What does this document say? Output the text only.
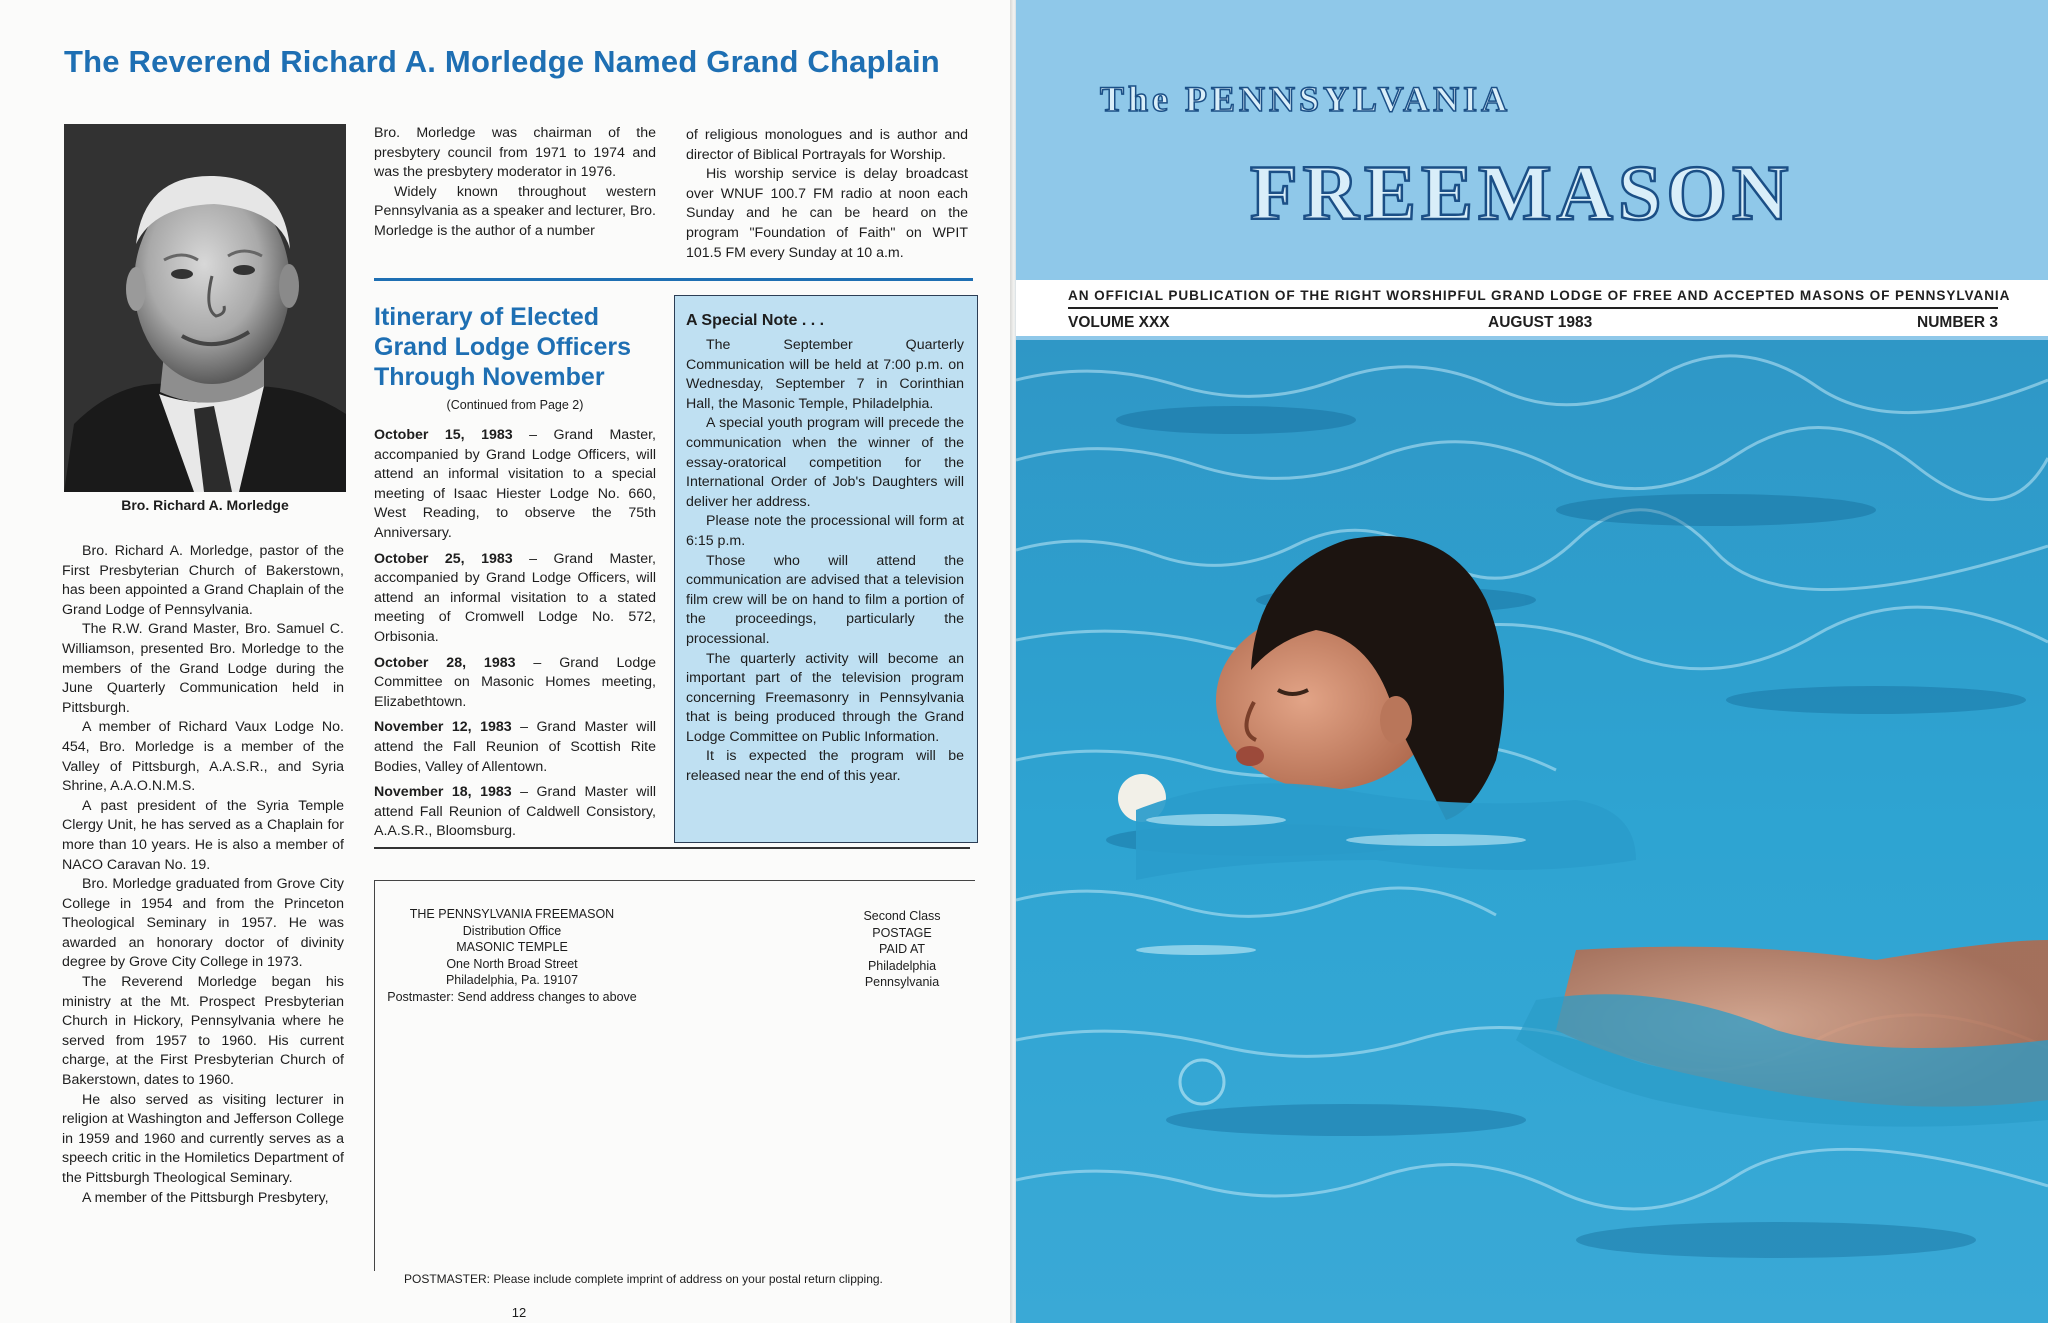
The Reverend Richard A. Morledge Named Grand Chaplain
Bro. Richard A. Morledge

Bro. Richard A. Morledge, pastor of the First Presbyterian Church of Bakerstown, has been appointed a Grand Chaplain of the Grand Lodge of Pennsylvania.

The R.W. Grand Master, Bro. Samuel C. Williamson, presented Bro. Morledge to the members of the Grand Lodge during the June Quarterly Communication held in Pittsburgh.

A member of Richard Vaux Lodge No. 454, Bro. Morledge is a member of the Valley of Pittsburgh, A.A.S.R., and Syria Shrine, A.A.O.N.M.S.

A past president of the Syria Temple Clergy Unit, he has served as a Chaplain for more than 10 years. He is also a member of NACO Caravan No. 19.

Bro. Morledge graduated from Grove City College in 1954 and from the Princeton Theological Seminary in 1957. He was awarded an honorary doctor of divinity degree by Grove City College in 1973.

The Reverend Morledge began his ministry at the Mt. Prospect Presbyterian Church in Hickory, Pennsylvania where he served from 1957 to 1960. His current charge, at the First Presbyterian Church of Bakerstown, dates to 1960.

He also served as visiting lecturer in religion at Washington and Jefferson College in 1959 and 1960 and currently serves as a speech critic in the Homiletics Department of the Pittsburgh Theological Seminary.

A member of the Pittsburgh Presbytery,

Bro. Morledge was chairman of the presbytery council from 1971 to 1974 and was the presbytery moderator in 1976.

Widely known throughout western Pennsylvania as a speaker and lecturer, Bro. Morledge is the author of a number

of religious monologues and is author and director of Biblical Portrayals for Worship.

His worship service is delay broadcast over WNUF 100.7 FM radio at noon each Sunday and he can be heard on the program "Foundation of Faith" on WPIT 101.5 FM every Sunday at 10 a.m.

Itinerary of Elected Grand Lodge Officers Through November
(Continued from Page 2)

October 15, 1983 – Grand Master, accompanied by Grand Lodge Officers, will attend an informal visitation to a special meeting of Isaac Hiester Lodge No. 660, West Reading, to observe the 75th Anniversary.

October 25, 1983 – Grand Master, accompanied by Grand Lodge Officers, will attend an informal visitation to a stated meeting of Cromwell Lodge No. 572, Orbisonia.

October 28, 1983 – Grand Lodge Committee on Masonic Homes meeting, Elizabethtown.

November 12, 1983 – Grand Master will attend the Fall Reunion of Scottish Rite Bodies, Valley of Allentown.

November 18, 1983 – Grand Master will attend Fall Reunion of Caldwell Consistory, A.A.S.R., Bloomsburg.

A Special Note . . .

The September Quarterly Communication will be held at 7:00 p.m. on Wednesday, September 7 in Corinthian Hall, the Masonic Temple, Philadelphia.

A special youth program will precede the communication when the winner of the essay-oratorical competition for the International Order of Job's Daughters will deliver her address.

Please note the processional will form at 6:15 p.m.

Those who will attend the communication are advised that a television film crew will be on hand to film a portion of the proceedings, particularly the processional.

The quarterly activity will become an important part of the television program concerning Freemasonry in Pennsylvania that is being produced through the Grand Lodge Committee on Public Information.

It is expected the program will be released near the end of this year.

THE PENNSYLVANIA FREEMASON
Distribution Office
MASONIC TEMPLE
One North Broad Street
Philadelphia, Pa. 19107
Postmaster: Send address changes to above
Second Class
POSTAGE
PAID AT
Philadelphia
Pennsylvania
POSTMASTER: Please include complete imprint of address on your postal return clipping.
12
The PENNSYLVANIA
FREEMASON
AN OFFICIAL PUBLICATION OF THE RIGHT WORSHIPFUL GRAND LODGE OF FREE AND ACCEPTED MASONS OF PENNSYLVANIA
VOLUME XXX	AUGUST 1983	NUMBER 3
